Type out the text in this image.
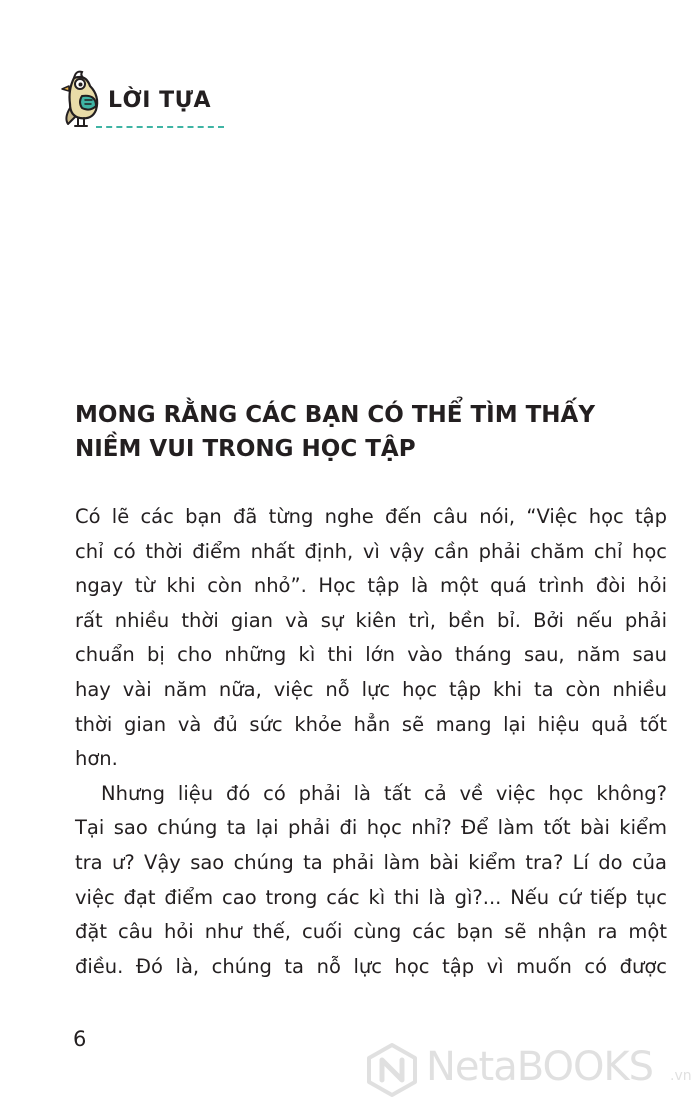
LỜI TỰA
MONG RẰNG CÁC BẠN CÓ THỂ TÌM THẤY
NIỀM VUI TRONG HỌC TẬP
Có lẽ các bạn đã từng nghe đến câu nói, “Việc học tập
chỉ có thời điểm nhất định, vì vậy cần phải chăm chỉ học
ngay từ khi còn nhỏ”. Học tập là một quá trình đòi hỏi
rất nhiều thời gian và sự kiên trì, bền bỉ. Bởi nếu phải
chuẩn bị cho những kì thi lớn vào tháng sau, năm sau
hay vài năm nữa, việc nỗ lực học tập khi ta còn nhiều
thời gian và đủ sức khỏe hẳn sẽ mang lại hiệu quả tốt
hơn.
Nhưng liệu đó có phải là tất cả về việc học không?
Tại sao chúng ta lại phải đi học nhỉ? Để làm tốt bài kiểm
tra ư? Vậy sao chúng ta phải làm bài kiểm tra? Lí do của
việc đạt điểm cao trong các kì thi là gì?... Nếu cứ tiếp tục
đặt câu hỏi như thế, cuối cùng các bạn sẽ nhận ra một
điều. Đó là, chúng ta nỗ lực học tập vì muốn có được
6
NetaBOOKS .vn
